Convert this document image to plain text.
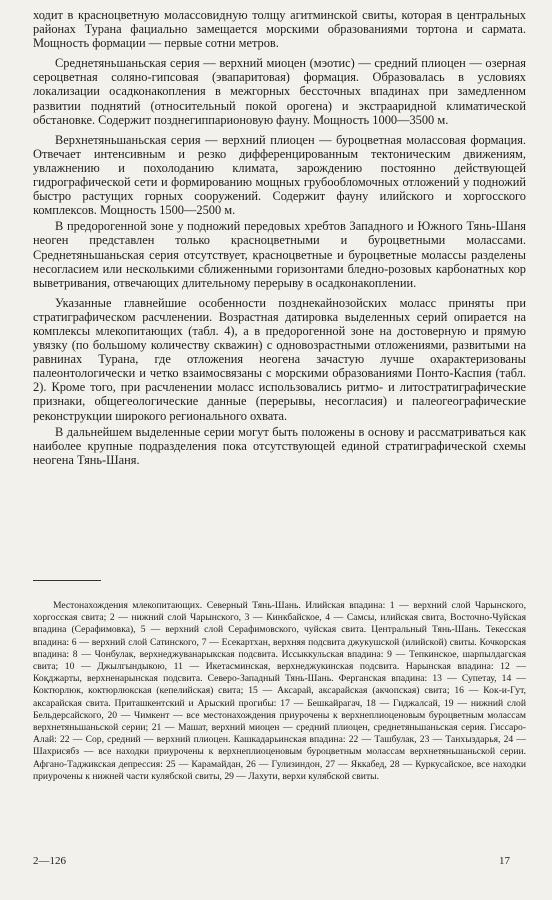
ходит в красноцветную молассовидную толщу агитминской свиты, которая в центральных районах Турана фациально замещается морскими образованиями тортона и сармата. Мощность формации — первые сотни метров.

Среднетяньшаньская серия — верхний миоцен (мэотис) — средний плиоцен — озерная сероцветная соляно-гипсовая (эвапаритовая) формация. Образовалась в условиях локализации осадконакопления в межгорных бессточных впадинах при замедленном развитии поднятий (относительный покой орогена) и экстрааридной климатической обстановке. Содержит позднегиппарионовую фауну. Мощность 1000—3500 м.

Верхнетяньшаньская серия — верхний плиоцен — буроцветная молассовая формация. Отвечает интенсивным и резко дифференцированным тектоническим движениям, увлажнению и похолоданию климата, зарождению постоянно действующей гидрографической сети и формированию мощных грубообломочных отложений у подножий быстро растущих горных сооружений. Содержит фауну илийского и хоргосского комплексов. Мощность 1500—2500 м.

В предорогенной зоне у подножий передовых хребтов Западного и Южного Тянь-Шаня неоген представлен только красноцветными и буроцветными молассами. Среднетяньшаньская серия отсутствует, красноцветные и буроцветные молассы разделены несогласием или несколькими сближенными горизонтами бледно-розовых карбонатных кор выветривания, отвечающих длительному перерыву в осадконакоплении.

Указанные главнейшие особенности позднекайнозойских моласс приняты при стратиграфическом расчленении. Возрастная датировка выделенных серий опирается на комплексы млекопитающих (табл. 4), а в предорогенной зоне на достоверную и прямую увязку (по большому количеству скважин) с одновозрастными отложениями, развитыми на равнинах Турана, где отложения неогена зачастую лучше охарактеризованы палеонтологически и четко взаимосвязаны с морскими образованиями Понто-Каспия (табл. 2). Кроме того, при расчленении моласс использовались ритмо- и литостратиграфические признаки, общегеологические данные (перерывы, несогласия) и палеогеографические реконструкции широкого регионального охвата.

В дальнейшем выделенные серии могут быть положены в основу и рассматриваться как наиболее крупные подразделения пока отсутствующей единой стратиграфической схемы неогена Тянь-Шаня.

Местонахождения млекопитающих. Северный Тянь-Шань. Илийская впадина: 1 — верхний слой Чарынского, хоргосская свита; 2 — нижний слой Чарынского, 3 — Кинкбайское, 4 — Самсы, илийская свита, Восточно-Чуйская впадина (Серафимовка), 5 — верхний слой Серафимовского, чуйская свита. Центральный Тянь-Шань. Текесская впадина: 6 — верхний слой Сатинского, 7 — Есекартхан, верхняя подсвита джукушской (илийской) свиты. Кочкорская впадина: 8 — Чонбулак, верхнеджуванарыкская подсвита. Иссыккульская впадина: 9 — Тепкинское, шарпылдагская свита; 10 — Джылгындыкою, 11 — Икетасминская, верхнеджукинская подсвита. Нарынская впадина: 12 — Коқджарты, верхненарынская подсвита. Северо-Западный Тянь-Шань. Ферганская впадина: 13 — Супетау, 14 — Коктюрлюк, коктюрлюкская (кепелийская) свита; 15 — Аксарай, аксарайская (акчопская) свита; 16 — Кок-и-Гут, аксарайская свита. Приташкентский и Арыский прогибы: 17 — Бешкайрагач, 18 — Гиджалсай, 19 — нижний слой Бельдерсайского, 20 — Чимкент — все местонахождения приурочены к верхнеплиоценовым буроцветным молассам верхнетяньшаньской серии; 21 — Машат, верхний миоцен — средний плиоцен, среднетяньшаньская серия. Гиссаро-Алай: 22 — Сор, средний — верхний плиоцен. Кашкадарьинская впадина: 22 — Ташбулак, 23 — Танхыздарья, 24 — Шахрисябз — все находки приурочены к верхнеплиоценовым буроцветным молассам верхнетяньшаньской серии. Афгано-Таджикская депрессия: 25 — Карамайдан, 26 — Гулизиндон, 27 — Яккабед, 28 — Куркусайское, все находки приурочены к нижней части кулябской свиты, 29 — Лахути, верхи кулябской свиты.

2—126	17
